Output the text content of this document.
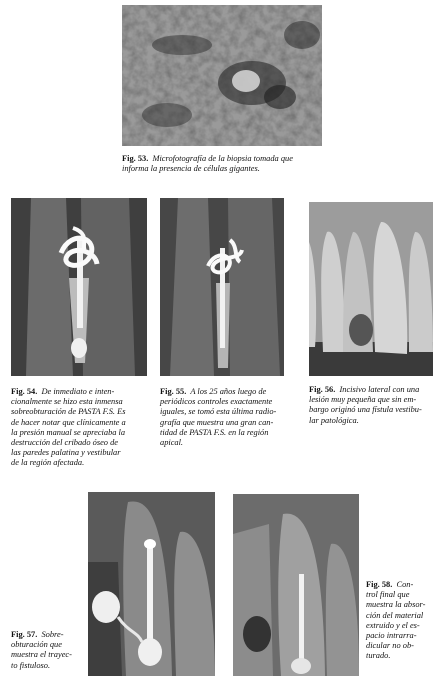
Fig. 53. Microfotografía de la biopsia tomada que
informa la presencia de células gigantes.
Fig. 54. De inmediato e inten-
cionalmente se hizo esta inmensa
sobreobturación de PASTA F.S. Es
de hacer notar que clínicamente a
la presión manual se apreciaba la
destrucción del cribado óseo de
las paredes palatina y vestibular
de la región afectada.
Fig. 55. A los 25 años luego de
periódicos controles exactamente
iguales, se tomó esta última radio-
grafía que muestra una gran can-
tidad de PASTA F.S. en la región
apical.
Fig. 56. Incisivo lateral con una
lesión muy pequeña que sin em-
bargo originó una fístula vestibu-
lar patológica.
Fig. 57. Sobre-
obturación que
muestra el trayec-
to fistuloso.
Fig. 58. Con-
trol final que
muestra la absor-
ción del material
extruido y el es-
pacio intrarra-
dicular no ob-
turado.
